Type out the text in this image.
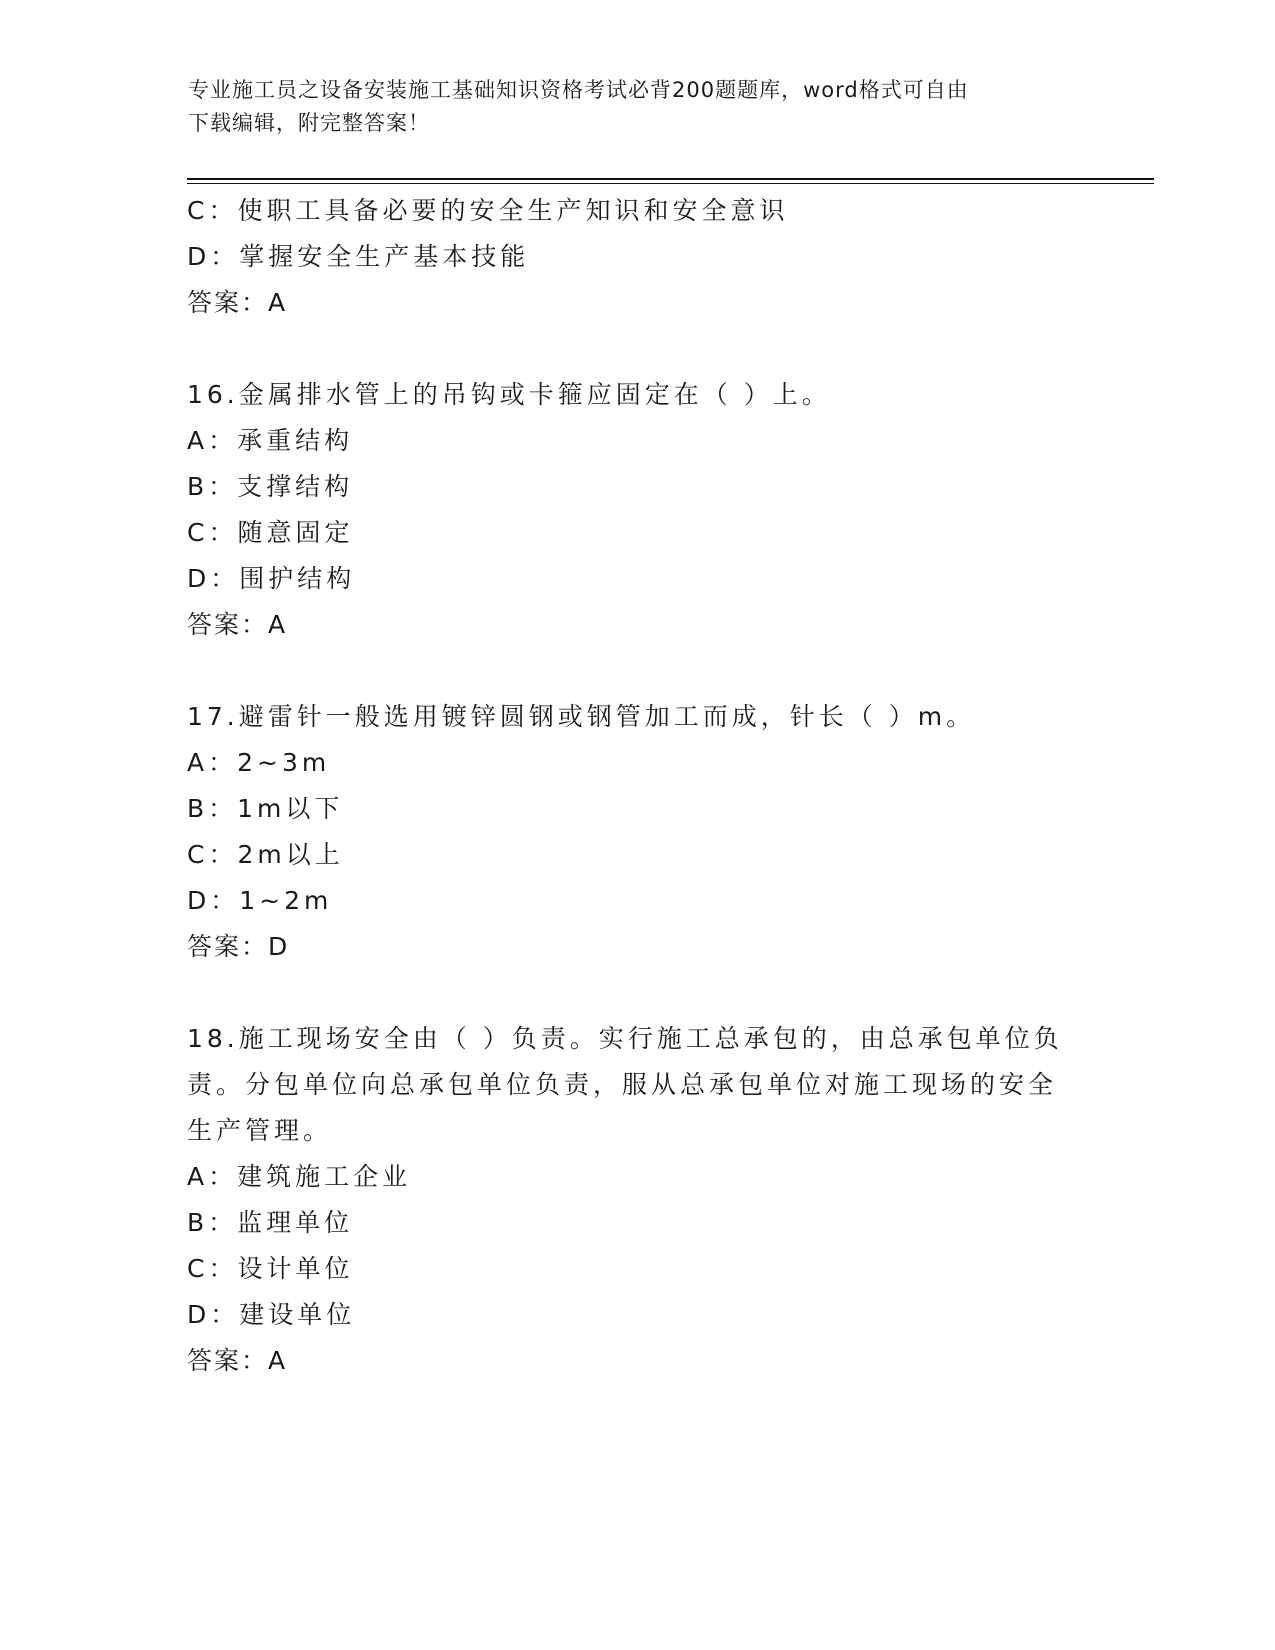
专业施工员之设备安装施工基础知识资格考试必背200题题库，word格式可自由
下载编辑，附完整答案！
C：使职工具备必要的安全生产知识和安全意识
D：掌握安全生产基本技能
答案：A
16.金属排水管上的吊钩或卡箍应固定在（ ）上。
A：承重结构
B：支撑结构
C：随意固定
D：围护结构
答案：A
17.避雷针一般选用镀锌圆钢或钢管加工而成，针长（ ）m。
A：2~3m
B：1m以下
C：2m以上
D：1~2m
答案：D
18.施工现场安全由（ ）负责。实行施工总承包的，由总承包单位负
责。分包单位向总承包单位负责，服从总承包单位对施工现场的安全
生产管理。
A：建筑施工企业
B：监理单位
C：设计单位
D：建设单位
答案：A
